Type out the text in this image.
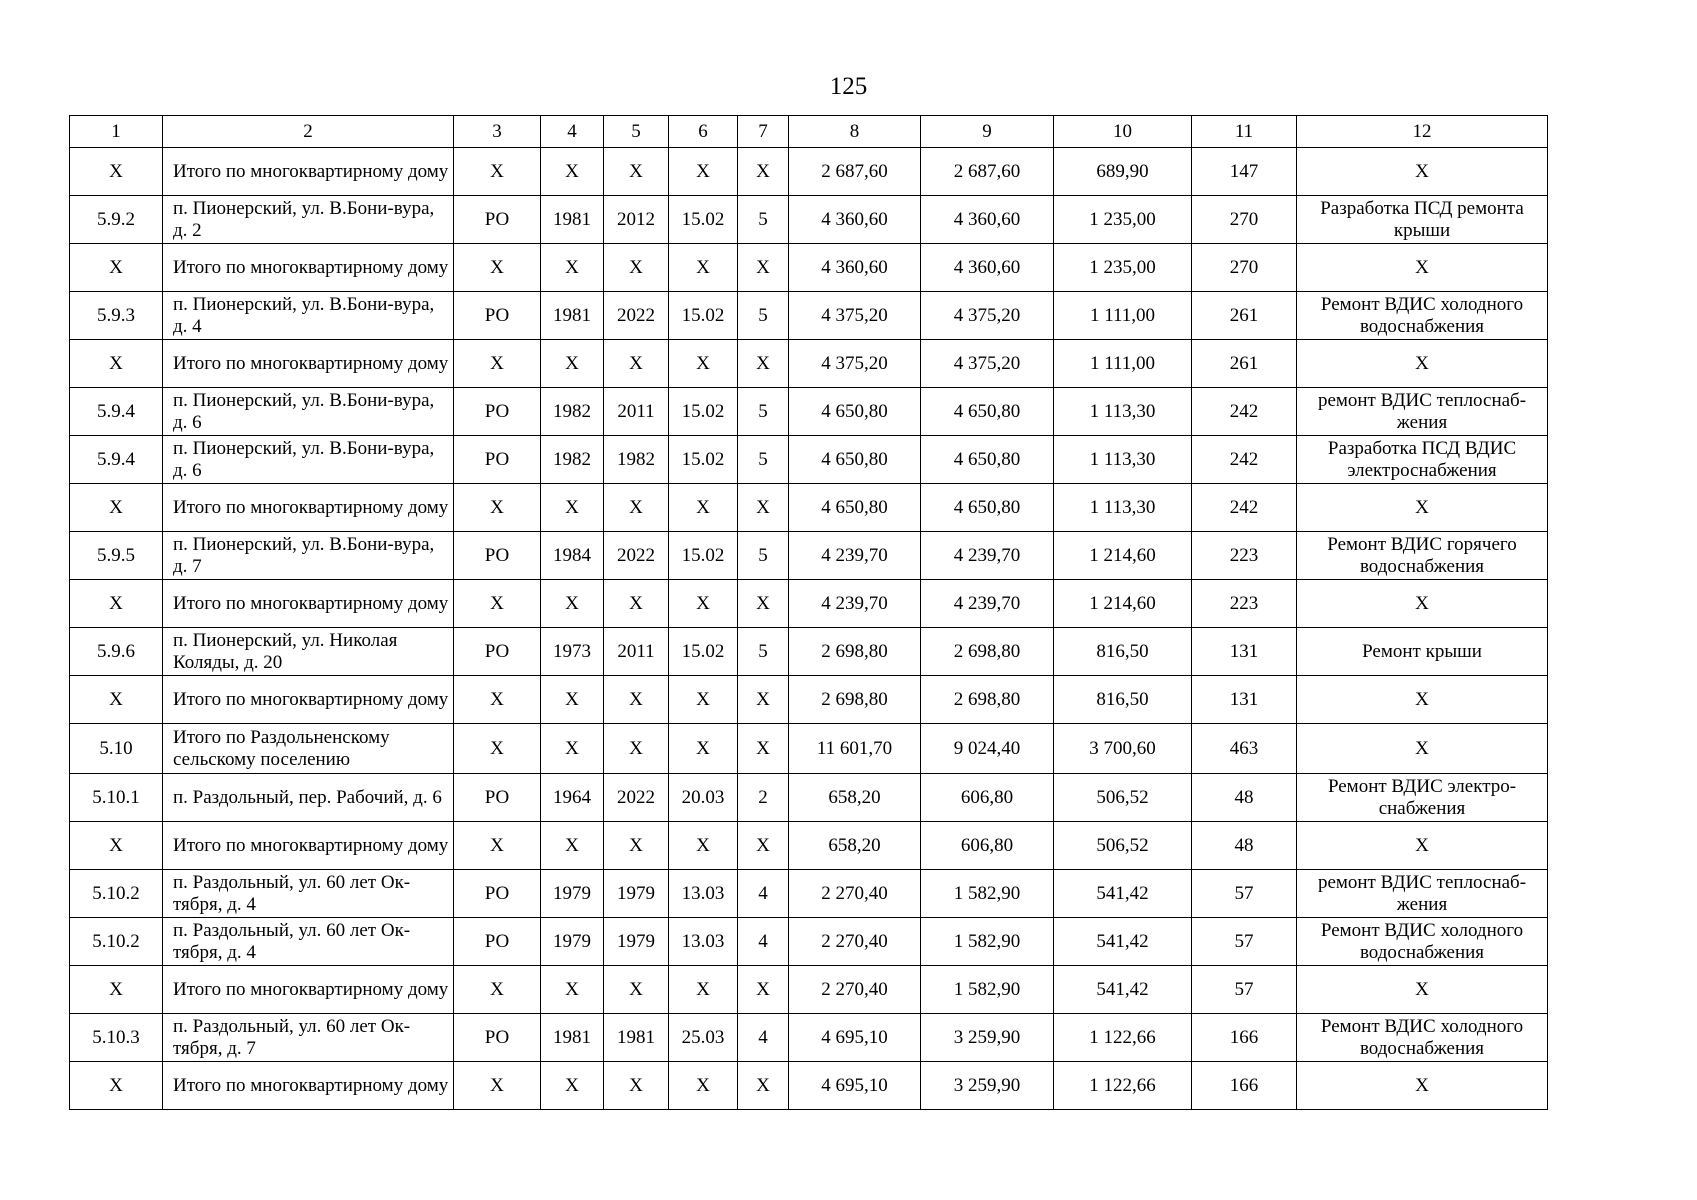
125
1	2	3	4	5	6	7	8	9	10	11	12
X	Итого по многоквартирному дому	X	X	X	X	X	2 687,60	2 687,60	689,90	147	X
5.9.2	п. Пионерский, ул. В.Бони-вура, д. 2	РО	1981	2012	15.02	5	4 360,60	4 360,60	1 235,00	270	Разработка ПСД ремонта крыши
X	Итого по многоквартирному дому	X	X	X	X	X	4 360,60	4 360,60	1 235,00	270	X
5.9.3	п. Пионерский, ул. В.Бони-вура, д. 4	РО	1981	2022	15.02	5	4 375,20	4 375,20	1 111,00	261	Ремонт ВДИС холодного водоснабжения
X	Итого по многоквартирному дому	X	X	X	X	X	4 375,20	4 375,20	1 111,00	261	X
5.9.4	п. Пионерский, ул. В.Бони-вура, д. 6	РО	1982	2011	15.02	5	4 650,80	4 650,80	1 113,30	242	ремонт ВДИС теплоснаб-жения
5.9.4	п. Пионерский, ул. В.Бони-вура, д. 6	РО	1982	1982	15.02	5	4 650,80	4 650,80	1 113,30	242	Разработка ПСД ВДИС электроснабжения
X	Итого по многоквартирному дому	X	X	X	X	X	4 650,80	4 650,80	1 113,30	242	X
5.9.5	п. Пионерский, ул. В.Бони-вура, д. 7	РО	1984	2022	15.02	5	4 239,70	4 239,70	1 214,60	223	Ремонт ВДИС горячего водоснабжения
X	Итого по многоквартирному дому	X	X	X	X	X	4 239,70	4 239,70	1 214,60	223	X
5.9.6	п. Пионерский, ул. Николая Коляды, д. 20	РО	1973	2011	15.02	5	2 698,80	2 698,80	816,50	131	Ремонт крыши
X	Итого по многоквартирному дому	X	X	X	X	X	2 698,80	2 698,80	816,50	131	X
5.10	Итого по Раздольненскому сельскому поселению	X	X	X	X	X	11 601,70	9 024,40	3 700,60	463	X
5.10.1	п. Раздольный, пер. Рабочий, д. 6	РО	1964	2022	20.03	2	658,20	606,80	506,52	48	Ремонт ВДИС электро-снабжения
X	Итого по многоквартирному дому	X	X	X	X	X	658,20	606,80	506,52	48	X
5.10.2	п. Раздольный, ул. 60 лет Ок-тября, д. 4	РО	1979	1979	13.03	4	2 270,40	1 582,90	541,42	57	ремонт ВДИС теплоснаб-жения
5.10.2	п. Раздольный, ул. 60 лет Ок-тября, д. 4	РО	1979	1979	13.03	4	2 270,40	1 582,90	541,42	57	Ремонт ВДИС холодного водоснабжения
X	Итого по многоквартирному дому	X	X	X	X	X	2 270,40	1 582,90	541,42	57	X
5.10.3	п. Раздольный, ул. 60 лет Ок-тября, д. 7	РО	1981	1981	25.03	4	4 695,10	3 259,90	1 122,66	166	Ремонт ВДИС холодного водоснабжения
X	Итого по многоквартирному дому	X	X	X	X	X	4 695,10	3 259,90	1 122,66	166	X
